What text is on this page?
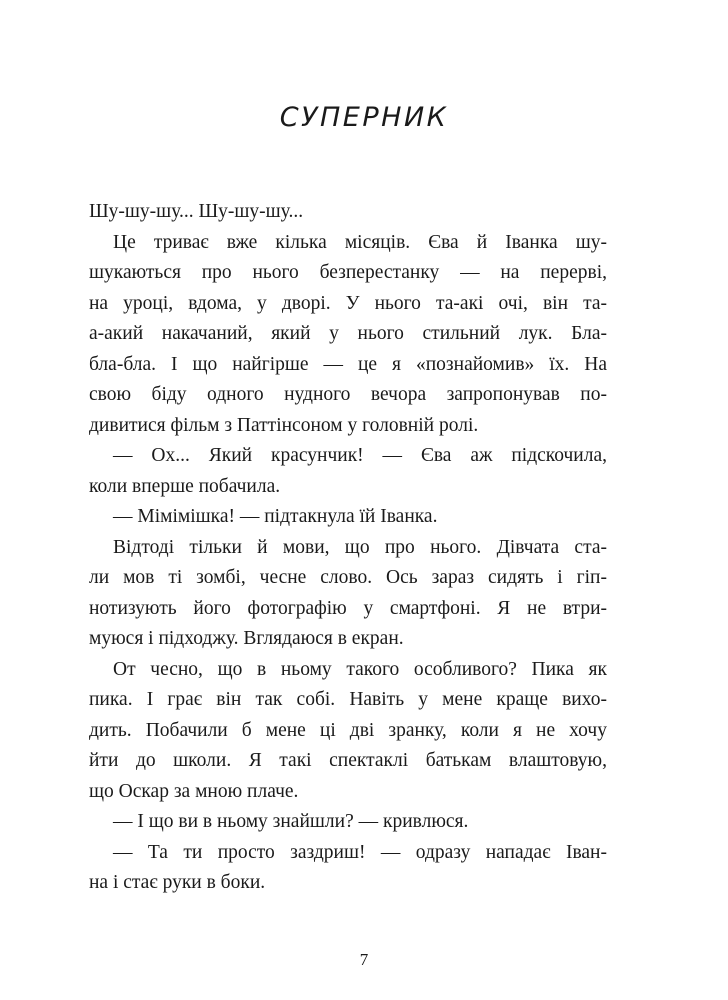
СУПЕРНИК
Шу-шу-шу... Шу-шу-шу...
Це триває вже кілька місяців. Єва й Іванка шу-
шукаються про нього безперестанку — на перерві,
на уроці, вдома, у дворі. У нього та-акі очі, він та-
а-акий накачаний, який у нього стильний лук. Бла-
бла-бла. І що найгірше — це я «познайомив» їх. На
свою біду одного нудного вечора запропонував по-
дивитися фільм з Паттінсоном у головній ролі.
— Ох... Який красунчик! — Єва аж підскочила,
коли вперше побачила.
— Мімімішка! — підтакнула їй Іванка.
Відтоді тільки й мови, що про нього. Дівчата ста-
ли мов ті зомбі, чесне слово. Ось зараз сидять і гіп-
нотизують його фотографію у смартфоні. Я не втри-
муюся і підходжу. Вглядаюся в екран.
От чесно, що в ньому такого особливого? Пика як
пика. І грає він так собі. Навіть у мене краще вихо-
дить. Побачили б мене ці дві зранку, коли я не хочу
йти до школи. Я такі спектаклі батькам влаштовую,
що Оскар за мною плаче.
— І що ви в ньому знайшли? — кривлюся.
— Та ти просто заздриш! — одразу нападає Іван-
на і стає руки в боки.
7
